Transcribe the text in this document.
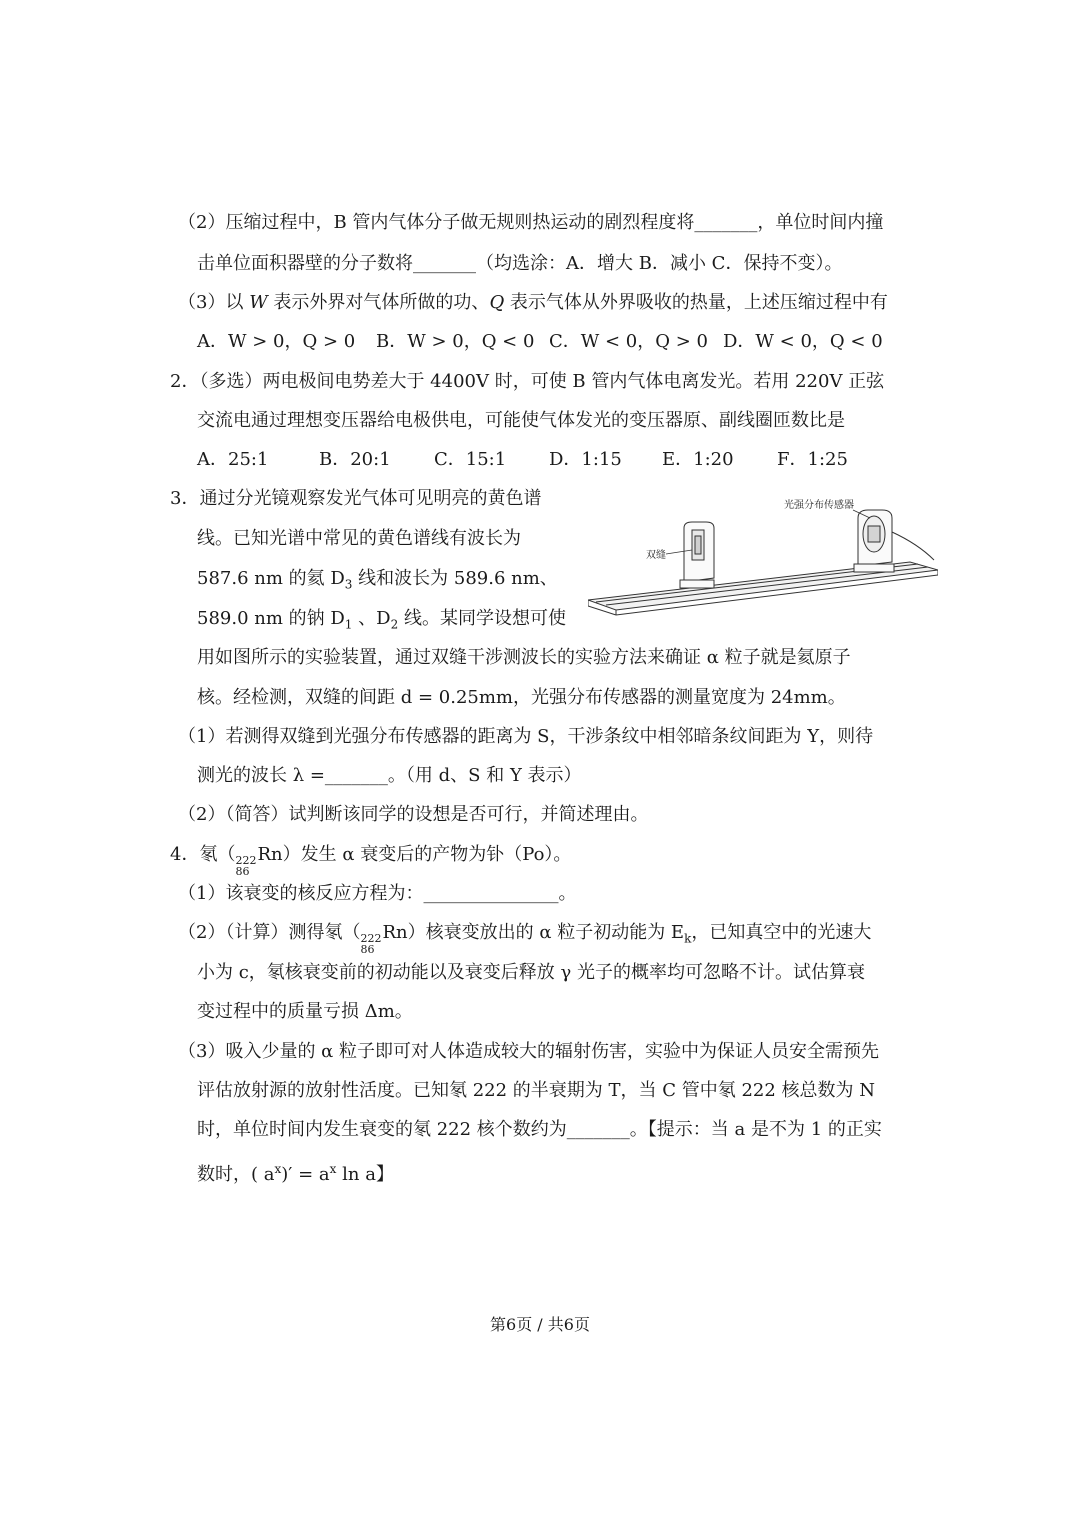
（2）压缩过程中，B 管内气体分子做无规则热运动的剧烈程度将_______，单位时间内撞
击单位面积器壁的分子数将_______（均选涂：A．增大 B．减小 C．保持不变）。
（3）以 W 表示外界对气体所做的功、Q 表示气体从外界吸收的热量，上述压缩过程中有
A．W > 0，Q > 0 B．W > 0，Q < 0 C．W < 0，Q > 0 D．W < 0，Q < 0
2．（多选）两电极间电势差大于 4400V 时，可使 B 管内气体电离发光。若用 220V 正弦
交流电通过理想变压器给电极供电，可能使气体发光的变压器原、副线圈匝数比是
A．25:1	B．20:1 C．15:1 D．1:15 E．1:20 F．1:25
3．通过分光镜观察发光气体可见明亮的黄色谱
线。已知光谱中常见的黄色谱线有波长为
587.6 nm 的氦 $D_3$ 线和波长为 589.6 nm、
589.0 nm 的钠 $D_1$ 、$D_2$ 线。某同学设想可使
光强分布传感器
双缝
用如图所示的实验装置，通过双缝干涉测波长的实验方法来确证 α 粒子就是氦原子
核。经检测，双缝的间距 d = 0.25mm，光强分布传感器的测量宽度为 24mm。
（1）若测得双缝到光强分布传感器的距离为 S，干涉条纹中相邻暗条纹间距为 Y，则待
测光的波长 λ =_______。（用 d、S 和 Y 表示）
（2）（简答）试判断该同学的设想是否可行，并简述理由。
4．氡（ 222
86
Rn）发生 α 衰变后的产物为钋（Po）。
（1）该衰变的核反应方程为：_______________。
（2）（计算）测得氡（ 222
86
Rn）核衰变放出的 α 粒子初动能为 $E_k$，已知真空中的光速大
小为 c，氡核衰变前的初动能以及衰变后释放 γ 光子的概率均可忽略不计。试估算衰
变过程中的质量亏损 Δm。
（3）吸入少量的 α 粒子即可对人体造成较大的辐射伤害，实验中为保证人员安全需预先
评估放射源的放射性活度。已知氡 222 的半衰期为 T，当 C 管中氡 222 核总数为 N
时，单位时间内发生衰变的氡 222 核个数约为_______。【提示：当 a 是不为 1 的正实
数时，( $a^x)' = a^x$ ln a】
第6页 / 共6页
